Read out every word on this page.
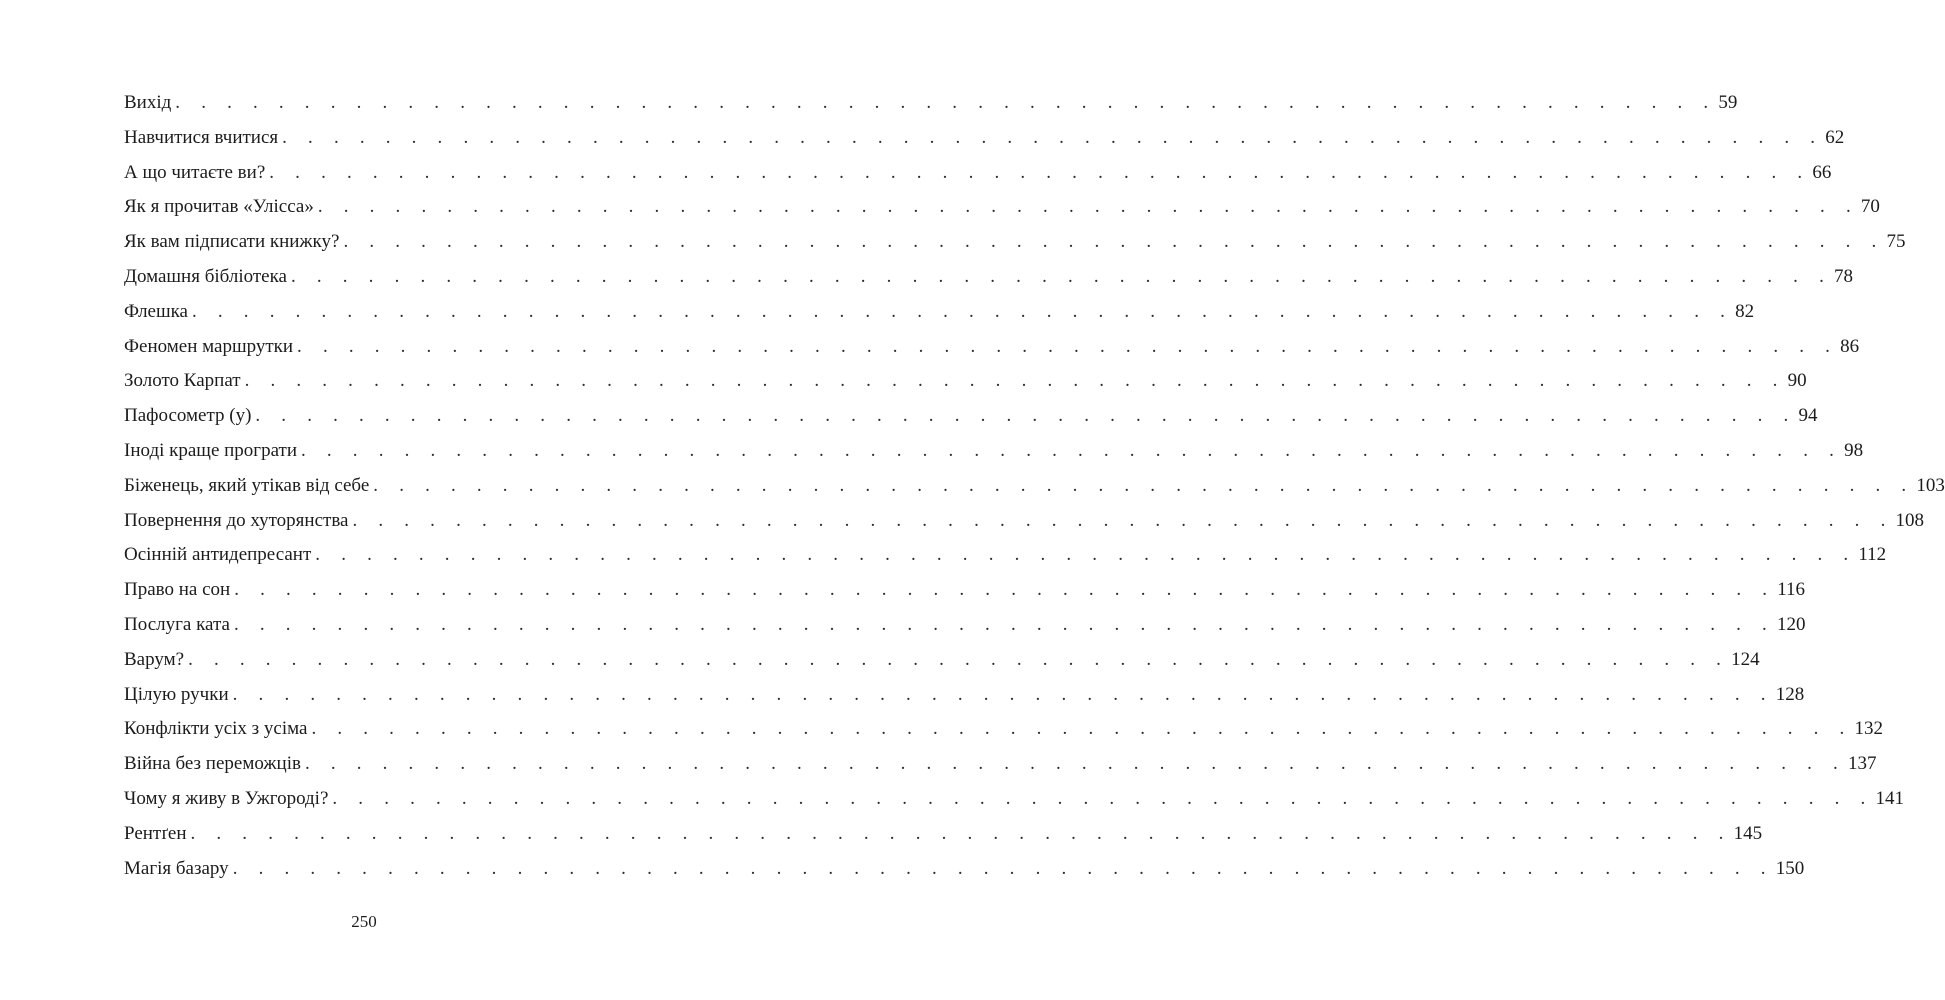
Вихід . . . . . . . . . . . . . . . . . . . . . . . . . . . . . . . . . . . . . . . . . . . . . . . . . . . . . . . . . . . . 59
Навчитися вчитися . . . . . . . . . . . . . . . . . . . . . . . . . . . . . . . . . . . . . . . . . . . . . . . . . . . . . . . . . . . . 62
А що читаєте ви? . . . . . . . . . . . . . . . . . . . . . . . . . . . . . . . . . . . . . . . . . . . . . . . . . . . . . . . . . . . . 66
Як я прочитав «Улісса» . . . . . . . . . . . . . . . . . . . . . . . . . . . . . . . . . . . . . . . . . . . . . . . . . . . . . . . . . . . . 70
Як вам підписати книжку? . . . . . . . . . . . . . . . . . . . . . . . . . . . . . . . . . . . . . . . . . . . . . . . . . . . . . . . . . . . . 75
Домашня бібліотека . . . . . . . . . . . . . . . . . . . . . . . . . . . . . . . . . . . . . . . . . . . . . . . . . . . . . . . . . . . . 78
Флешка . . . . . . . . . . . . . . . . . . . . . . . . . . . . . . . . . . . . . . . . . . . . . . . . . . . . . . . . . . . . 82
Феномен маршрутки . . . . . . . . . . . . . . . . . . . . . . . . . . . . . . . . . . . . . . . . . . . . . . . . . . . . . . . . . . . . 86
Золото Карпат . . . . . . . . . . . . . . . . . . . . . . . . . . . . . . . . . . . . . . . . . . . . . . . . . . . . . . . . . . . . 90
Пафосометр (у) . . . . . . . . . . . . . . . . . . . . . . . . . . . . . . . . . . . . . . . . . . . . . . . . . . . . . . . . . . . . 94
Іноді краще програти . . . . . . . . . . . . . . . . . . . . . . . . . . . . . . . . . . . . . . . . . . . . . . . . . . . . . . . . . . . . 98
Біженець, який утікав від себе . . . . . . . . . . . . . . . . . . . . . . . . . . . . . . . . . . . . . . . . . . . . . . . . . . . . . . . . . . . . 103
Повернення до хуторянства . . . . . . . . . . . . . . . . . . . . . . . . . . . . . . . . . . . . . . . . . . . . . . . . . . . . . . . . . . . . 108
Осінній антидепресант . . . . . . . . . . . . . . . . . . . . . . . . . . . . . . . . . . . . . . . . . . . . . . . . . . . . . . . . . . . . 112
Право на сон . . . . . . . . . . . . . . . . . . . . . . . . . . . . . . . . . . . . . . . . . . . . . . . . . . . . . . . . . . . . 116
Послуга ката . . . . . . . . . . . . . . . . . . . . . . . . . . . . . . . . . . . . . . . . . . . . . . . . . . . . . . . . . . . . 120
Варум? . . . . . . . . . . . . . . . . . . . . . . . . . . . . . . . . . . . . . . . . . . . . . . . . . . . . . . . . . . . . 124
Цілую ручки . . . . . . . . . . . . . . . . . . . . . . . . . . . . . . . . . . . . . . . . . . . . . . . . . . . . . . . . . . . . 128
Конфлікти усіх з усіма . . . . . . . . . . . . . . . . . . . . . . . . . . . . . . . . . . . . . . . . . . . . . . . . . . . . . . . . . . . . 132
Війна без переможців . . . . . . . . . . . . . . . . . . . . . . . . . . . . . . . . . . . . . . . . . . . . . . . . . . . . . . . . . . . . 137
Чому я живу в Ужгороді? . . . . . . . . . . . . . . . . . . . . . . . . . . . . . . . . . . . . . . . . . . . . . . . . . . . . . . . . . . . . 141
Рентґен . . . . . . . . . . . . . . . . . . . . . . . . . . . . . . . . . . . . . . . . . . . . . . . . . . . . . . . . . . . . 145
Магія базару . . . . . . . . . . . . . . . . . . . . . . . . . . . . . . . . . . . . . . . . . . . . . . . . . . . . . . . . . . . . 150
250
